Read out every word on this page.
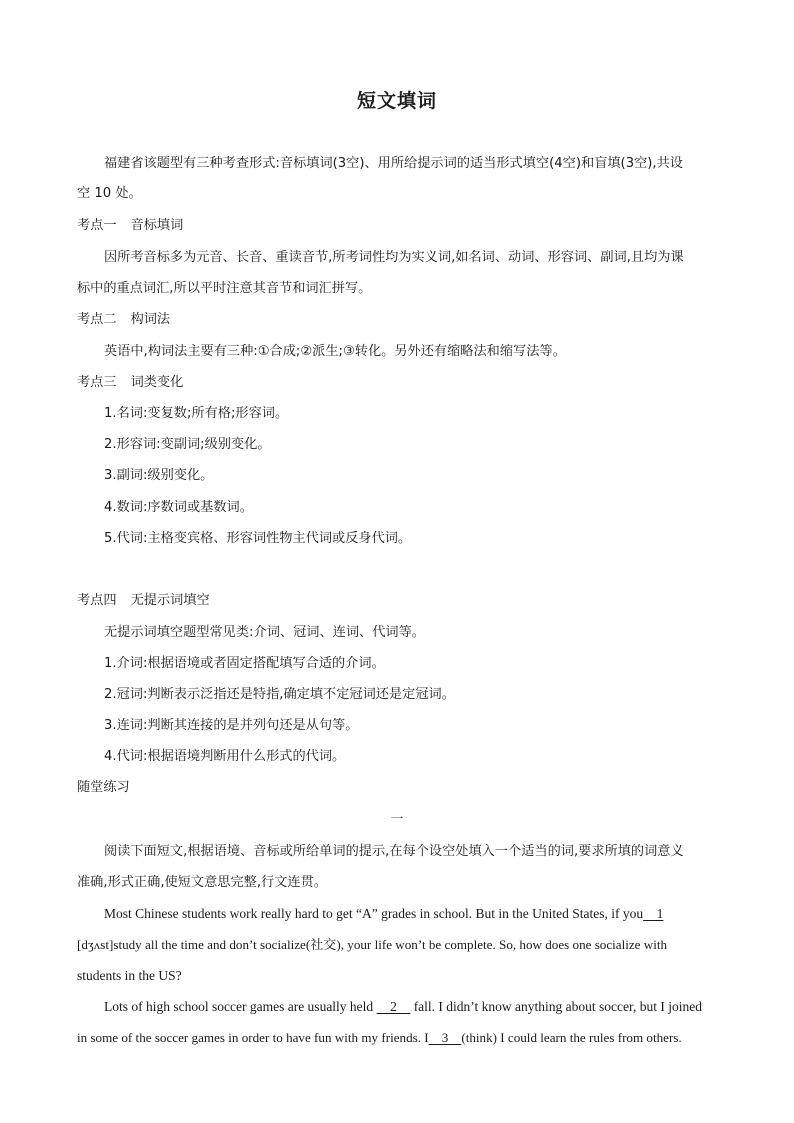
短文填词
福建省该题型有三种考查形式:音标填词(3空)、用所给提示词的适当形式填空(4空)和盲填(3空),共设
空 10 处。
考点一 音标填词
因所考音标多为元音、长音、重读音节,所考词性均为实义词,如名词、动词、形容词、副词,且均为课
标中的重点词汇,所以平时注意其音节和词汇拼写。
考点二 构词法
英语中,构词法主要有三种:①合成;②派生;③转化。另外还有缩略法和缩写法等。
考点三 词类变化
1.名词:变复数;所有格;形容词。
2.形容词:变副词;级别变化。
3.副词:级别变化。
4.数词:序数词或基数词。
5.代词:主格变宾格、形容词性物主代词或反身代词。
考点四 无提示词填空
无提示词填空题型常见类:介词、冠词、连词、代词等。
1.介词:根据语境或者固定搭配填写合适的介词。
2.冠词:判断表示泛指还是特指,确定填不定冠词还是定冠词。
3.连词:判断其连接的是并列句还是从句等。
4.代词:根据语境判断用什么形式的代词。
随堂练习
一
阅读下面短文,根据语境、音标或所给单词的提示,在每个设空处填入一个适当的词,要求所填的词意义
准确,形式正确,使短文意思完整,行文连贯。
Most Chinese students work really hard to get “A” grades in school. But in the United States, if you    1
[dʒʌst]study all the time and don’t socialize(社交), your life won’t be complete. So, how does one socialize with
students in the US?
Lots of high school soccer games are usually held     2     fall. I didn’t know anything about soccer, but I joined
in some of the soccer games in order to have fun with my friends. I    3    (think) I could learn the rules from others.
